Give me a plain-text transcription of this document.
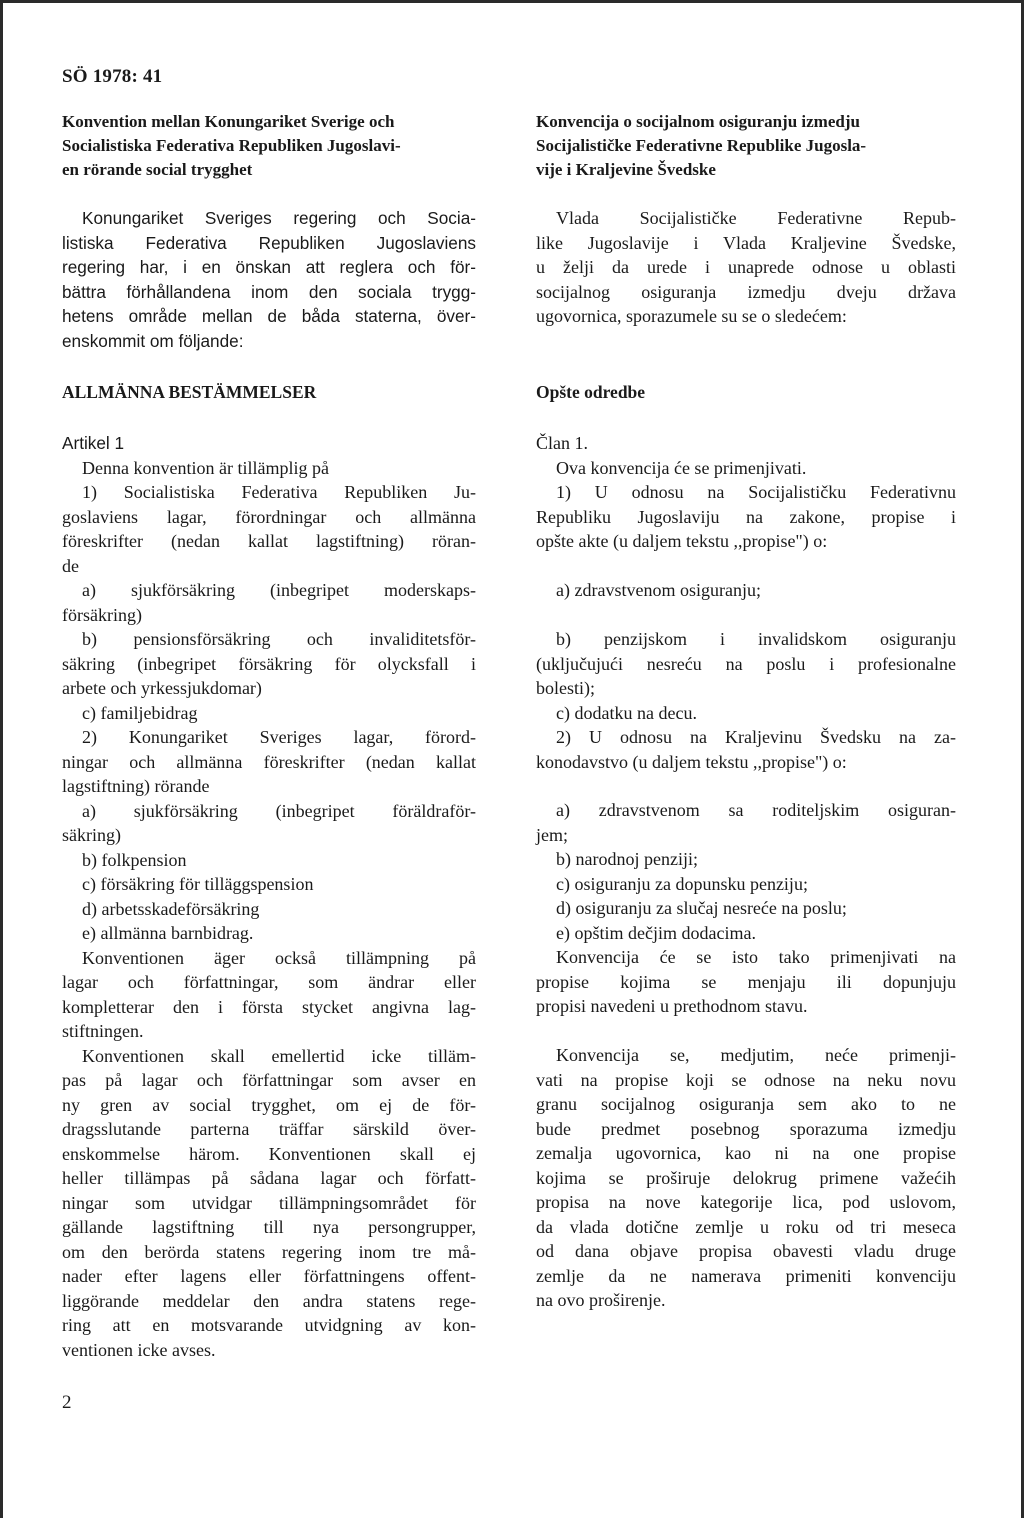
SÖ 1978: 41
Konvention mellan Konungariket Sverige och
Socialistiska Federativa Republiken Jugoslavi-
en rörande social trygghet
Konungariket Sveriges regering och Socia-
listiska Federativa Republiken Jugoslaviens
regering har, i en önskan att reglera och för-
bättra förhållandena inom den sociala trygg-
hetens område mellan de båda staterna, över-
enskommit om följande:
ALLMÄNNA BESTÄMMELSER
Artikel 1
Denna konvention är tillämplig på
1) Socialistiska Federativa Republiken Ju-
goslaviens lagar, förordningar och allmänna
föreskrifter (nedan kallat lagstiftning) röran-
de
a) sjukförsäkring (inbegripet moderskaps-
försäkring)
b) pensionsförsäkring och invaliditetsför-
säkring (inbegripet försäkring för olycksfall i
arbete och yrkessjukdomar)
c) familjebidrag
2) Konungariket Sveriges lagar, förord-
ningar och allmänna föreskrifter (nedan kallat
lagstiftning) rörande
a) sjukförsäkring (inbegripet föräldraför-
säkring)
b) folkpension
c) försäkring för tilläggspension
d) arbetsskadeförsäkring
e) allmänna barnbidrag.
Konventionen äger också tillämpning på
lagar och författningar, som ändrar eller
kompletterar den i första stycket angivna lag-
stiftningen.
Konventionen skall emellertid icke tilläm-
pas på lagar och författningar som avser en
ny gren av social trygghet, om ej de för-
dragsslutande parterna träffar särskild över-
enskommelse härom. Konventionen skall ej
heller tillämpas på sådana lagar och författ-
ningar som utvidgar tillämpningsområdet för
gällande lagstiftning till nya persongrupper,
om den berörda statens regering inom tre må-
nader efter lagens eller författningens offent-
liggörande meddelar den andra statens rege-
ring att en motsvarande utvidgning av kon-
ventionen icke avses.
Konvencija o socijalnom osiguranju izmedju
Socijalističke Federativne Republike Jugosla-
vije i Kraljevine Švedske
Vlada Socijalističke Federativne Repub-
like Jugoslavije i Vlada Kraljevine Švedske,
u želji da urede i unaprede odnose u oblasti
socijalnog osiguranja izmedju dveju država
ugovornica, sporazumele su se o sledećem:
Opšte odredbe
Član 1.
Ova konvencija će se primenjivati.
1) U odnosu na Socijalističku Federativnu
Republiku Jugoslaviju na zakone, propise i
opšte akte (u daljem tekstu ,,propise") o:
a) zdravstvenom osiguranju;
b) penzijskom i invalidskom osiguranju
(uključujući nesreću na poslu i profesionalne
bolesti);
c) dodatku na decu.
2) U odnosu na Kraljevinu Švedsku na za-
konodavstvo (u daljem tekstu ,,propise") o:
a) zdravstvenom sa roditeljskim osiguran-
jem;
b) narodnoj penziji;
c) osiguranju za dopunsku penziju;
d) osiguranju za slučaj nesreće na poslu;
e) opštim dečjim dodacima.
Konvencija će se isto tako primenjivati na
propise kojima se menjaju ili dopunjuju
propisi navedeni u prethodnom stavu.
Konvencija se, medjutim, neće primenji-
vati na propise koji se odnose na neku novu
granu socijalnog osiguranja sem ako to ne
bude predmet posebnog sporazuma izmedju
zemalja ugovornica, kao ni na one propise
kojima se proširuje delokrug primene važećih
propisa na nove kategorije lica, pod uslovom,
da vlada dotične zemlje u roku od tri meseca
od dana objave propisa obavesti vladu druge
zemlje da ne namerava primeniti konvenciju
na ovo proširenje.
2
